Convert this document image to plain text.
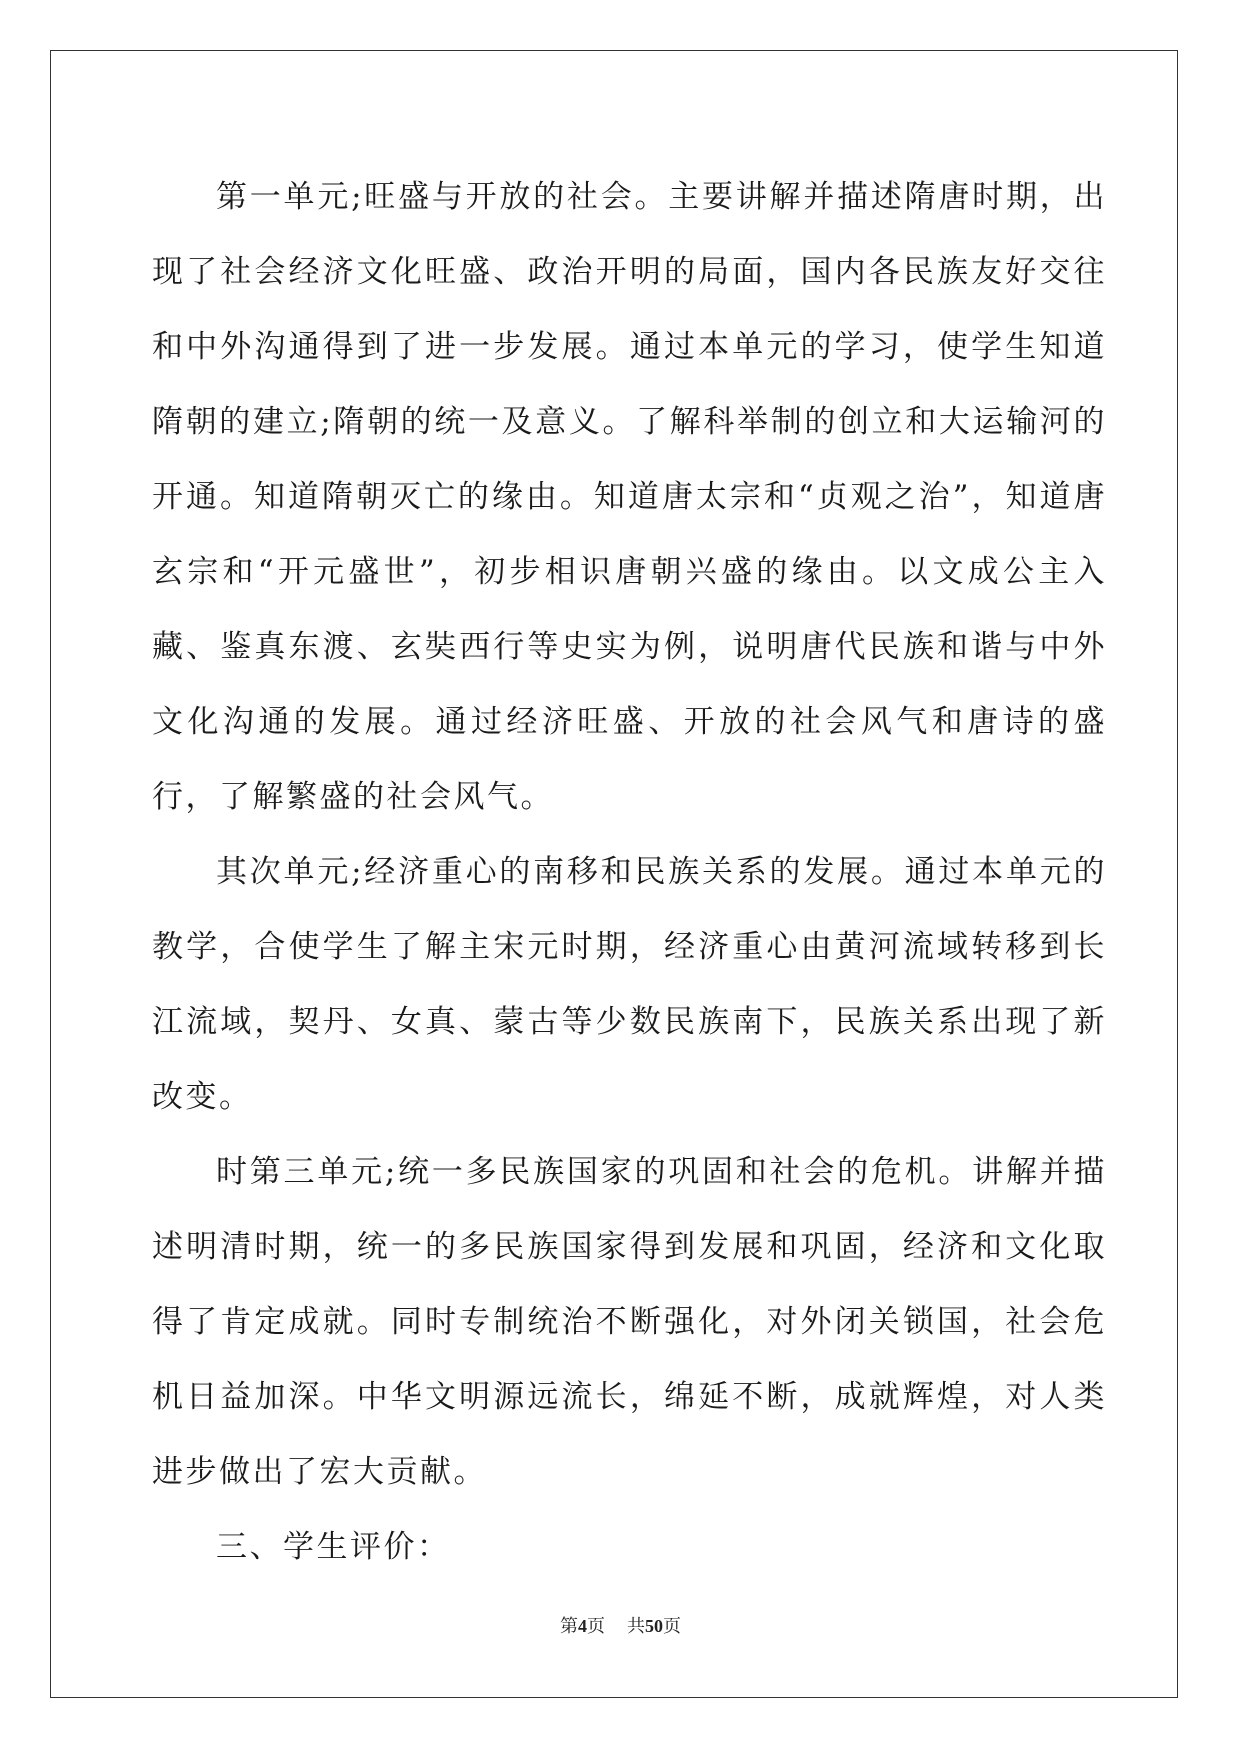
第一单元;旺盛与开放的社会。主要讲解并描述隋唐时期，出现了社会经济文化旺盛、政治开明的局面，国内各民族友好交往和中外沟通得到了进一步发展。通过本单元的学习，使学生知道隋朝的建立;隋朝的统一及意义。了解科举制的创立和大运输河的开通。知道隋朝灭亡的缘由。知道唐太宗和“贞观之治”，知道唐玄宗和“开元盛世”，初步相识唐朝兴盛的缘由。以文成公主入藏、鉴真东渡、玄奘西行等史实为例，说明唐代民族和谐与中外文化沟通的发展。通过经济旺盛、开放的社会风气和唐诗的盛行，了解繁盛的社会风气。

其次单元;经济重心的南移和民族关系的发展。通过本单元的教学，合使学生了解主宋元时期，经济重心由黄河流域转移到长江流域，契丹、女真、蒙古等少数民族南下，民族关系出现了新改变。

时第三单元;统一多民族国家的巩固和社会的危机。讲解并描述明清时期，统一的多民族国家得到发展和巩固，经济和文化取得了肯定成就。同时专制统治不断强化，对外闭关锁国，社会危机日益加深。中华文明源远流长，绵延不断，成就辉煌，对人类进步做出了宏大贡献。

三、学生评价：

第4页 共50页
